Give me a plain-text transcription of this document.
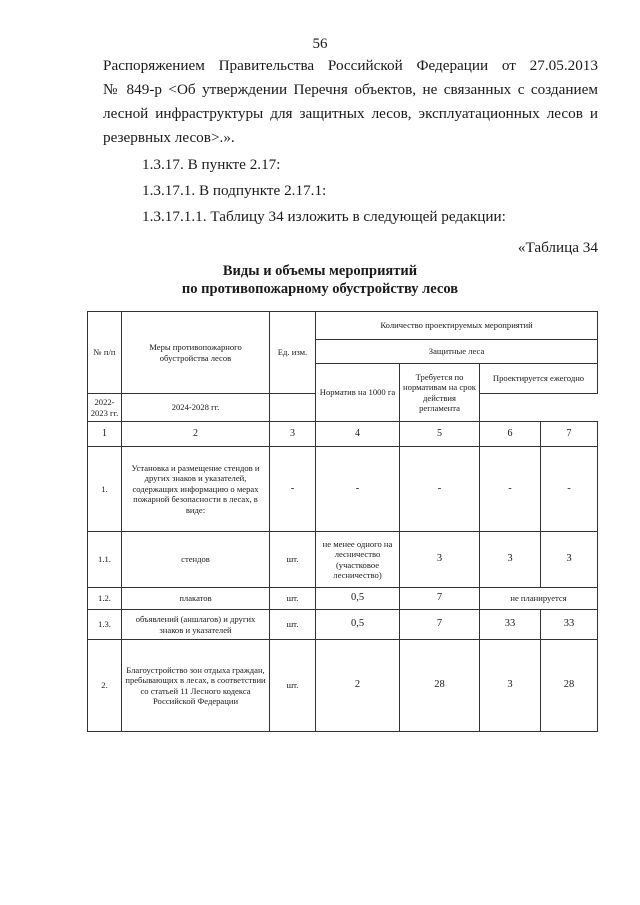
56
Распоряжением Правительства Российской Федерации от 27.05.2013
№ 849-р <Об утверждении Перечня объектов, не связанных с созданием
лесной инфраструктуры для защитных лесов, эксплуатационных лесов и
резервных лесов>.».
1.3.17. В пункте 2.17:
1.3.17.1. В подпункте 2.17.1:
1.3.17.1.1. Таблицу 34 изложить в следующей редакции:
«Таблица 34
Виды и объемы мероприятий
по противопожарному обустройству лесов
№ п/п	Меры противопожарного обустройства лесов	Ед. изм.	Количество проектируемых мероприятий			
			Защитные леса			
			Норматив на 1000 га	Требуется по нормативам на срок действия регламента	Проектируется ежегодно	
2022-2023 гг.	2024-2028 гг.					
1	2	3	4	5	6	7
1.	Установка и размещение стендов и других знаков и указателей, содержащих информацию о мерах пожарной безопасности в лесах, в виде:	-	-	-	-	-
1.1.	стендов	шт.	не менее одного на лесничество (участковое лесничество)	3	3	3
1.2.	плакатов	шт.	0,5	7	не планируется	
1.3.	объявлений (аншлагов) и других знаков и указателей	шт.	0,5	7	33	33
2.	Благоустройство зон отдыха граждан, пребывающих в лесах, в соответствии со статьей 11 Лесного кодекса Российской Федерации	шт.	2	28	3	28
